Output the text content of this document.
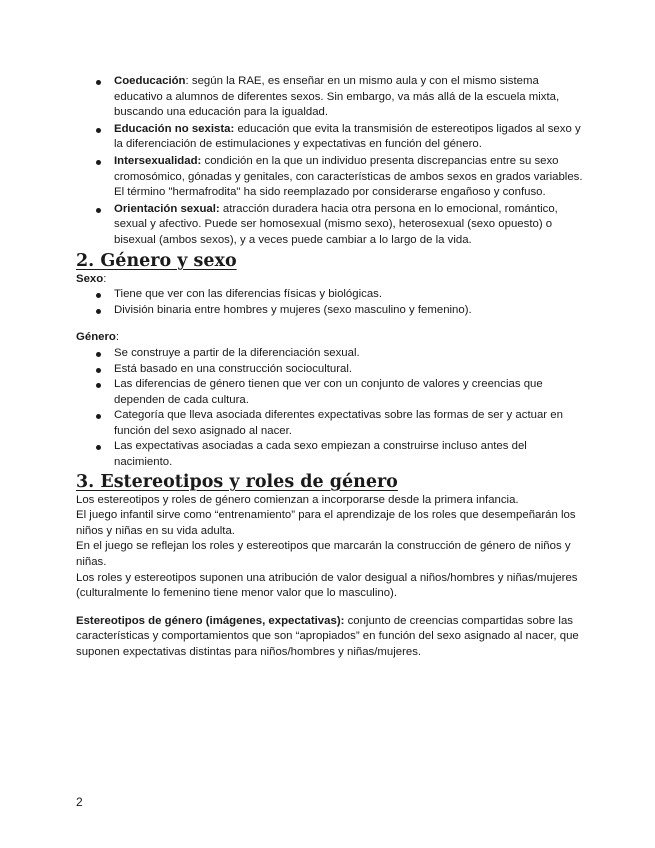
Coeducación: según la RAE, es enseñar en un mismo aula y con el mismo sistema educativo a alumnos de diferentes sexos. Sin embargo, va más allá de la escuela mixta, buscando una educación para la igualdad.
Educación no sexista: educación que evita la transmisión de estereotipos ligados al sexo y la diferenciación de estimulaciones y expectativas en función del género.
Intersexualidad: condición en la que un individuo presenta discrepancias entre su sexo cromosómico, gónadas y genitales, con características de ambos sexos en grados variables. El término "hermafrodita" ha sido reemplazado por considerarse engañoso y confuso.
Orientación sexual: atracción duradera hacia otra persona en lo emocional, romántico, sexual y afectivo. Puede ser homosexual (mismo sexo), heterosexual (sexo opuesto) o bisexual (ambos sexos), y a veces puede cambiar a lo largo de la vida.
2. Género y sexo

Sexo:

Tiene que ver con las diferencias físicas y biológicas.
División binaria entre hombres y mujeres (sexo masculino y femenino).

Género:

Se construye a partir de la diferenciación sexual.
Está basado en una construcción sociocultural.
Las diferencias de género tienen que ver con un conjunto de valores y creencias que dependen de cada cultura.
Categoría que lleva asociada diferentes expectativas sobre las formas de ser y actuar en función del sexo asignado al nacer.
Las expectativas asociadas a cada sexo empiezan a construirse incluso antes del nacimiento.
3. Estereotipos y roles de género

Los estereotipos y roles de género comienzan a incorporarse desde la primera infancia.

El juego infantil sirve como “entrenamiento” para el aprendizaje de los roles que desempeñarán los niños y niñas en su vida adulta.

En el juego se reflejan los roles y estereotipos que marcarán la construcción de género de niños y niñas.

Los roles y estereotipos suponen una atribución de valor desigual a niños/hombres y niñas/mujeres (culturalmente lo femenino tiene menor valor que lo masculino).

Estereotipos de género (imágenes, expectativas): conjunto de creencias compartidas sobre las características y comportamientos que son “apropiados” en función del sexo asignado al nacer, que suponen expectativas distintas para niños/hombres y niñas/mujeres.

2
